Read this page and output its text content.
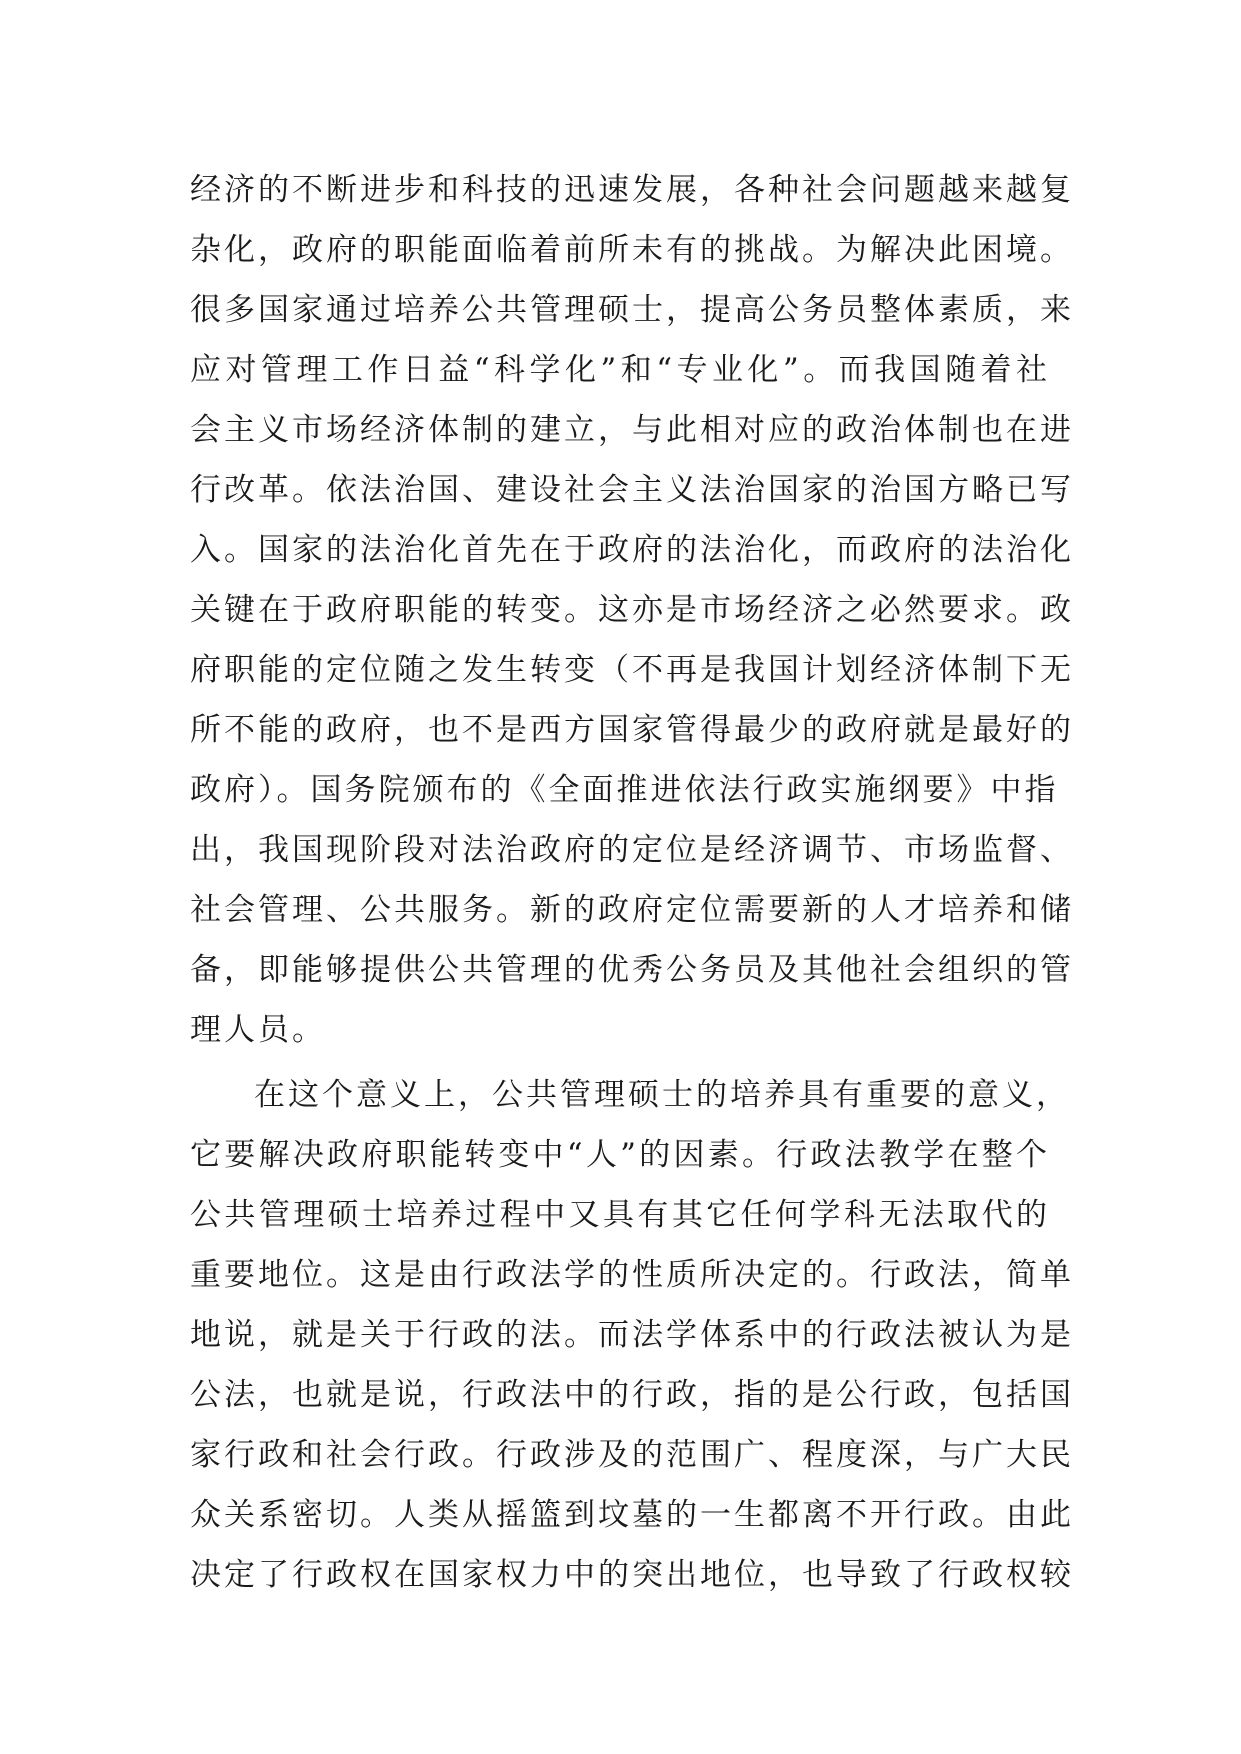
经济的不断进步和科技的迅速发展，各种社会问题越来越复
杂化，政府的职能面临着前所未有的挑战。为解决此困境。
很多国家通过培养公共管理硕士，提高公务员整体素质，来
应对管理工作日益“科学化”和“专业化”。而我国随着社
会主义市场经济体制的建立，与此相对应的政治体制也在进
行改革。依法治国、建设社会主义法治国家的治国方略已写
入。国家的法治化首先在于政府的法治化，而政府的法治化
关键在于政府职能的转变。这亦是市场经济之必然要求。政
府职能的定位随之发生转变（不再是我国计划经济体制下无
所不能的政府，也不是西方国家管得最少的政府就是最好的
政府）。国务院颁布的《全面推进依法行政实施纲要》中指
出，我国现阶段对法治政府的定位是经济调节、市场监督、
社会管理、公共服务。新的政府定位需要新的人才培养和储
备，即能够提供公共管理的优秀公务员及其他社会组织的管
理人员。
在这个意义上，公共管理硕士的培养具有重要的意义，
它要解决政府职能转变中“人”的因素。行政法教学在整个
公共管理硕士培养过程中又具有其它任何学科无法取代的
重要地位。这是由行政法学的性质所决定的。行政法，简单
地说，就是关于行政的法。而法学体系中的行政法被认为是
公法，也就是说，行政法中的行政，指的是公行政，包括国
家行政和社会行政。行政涉及的范围广、程度深，与广大民
众关系密切。人类从摇篮到坟墓的一生都离不开行政。由此
决定了行政权在国家权力中的突出地位，也导致了行政权较
